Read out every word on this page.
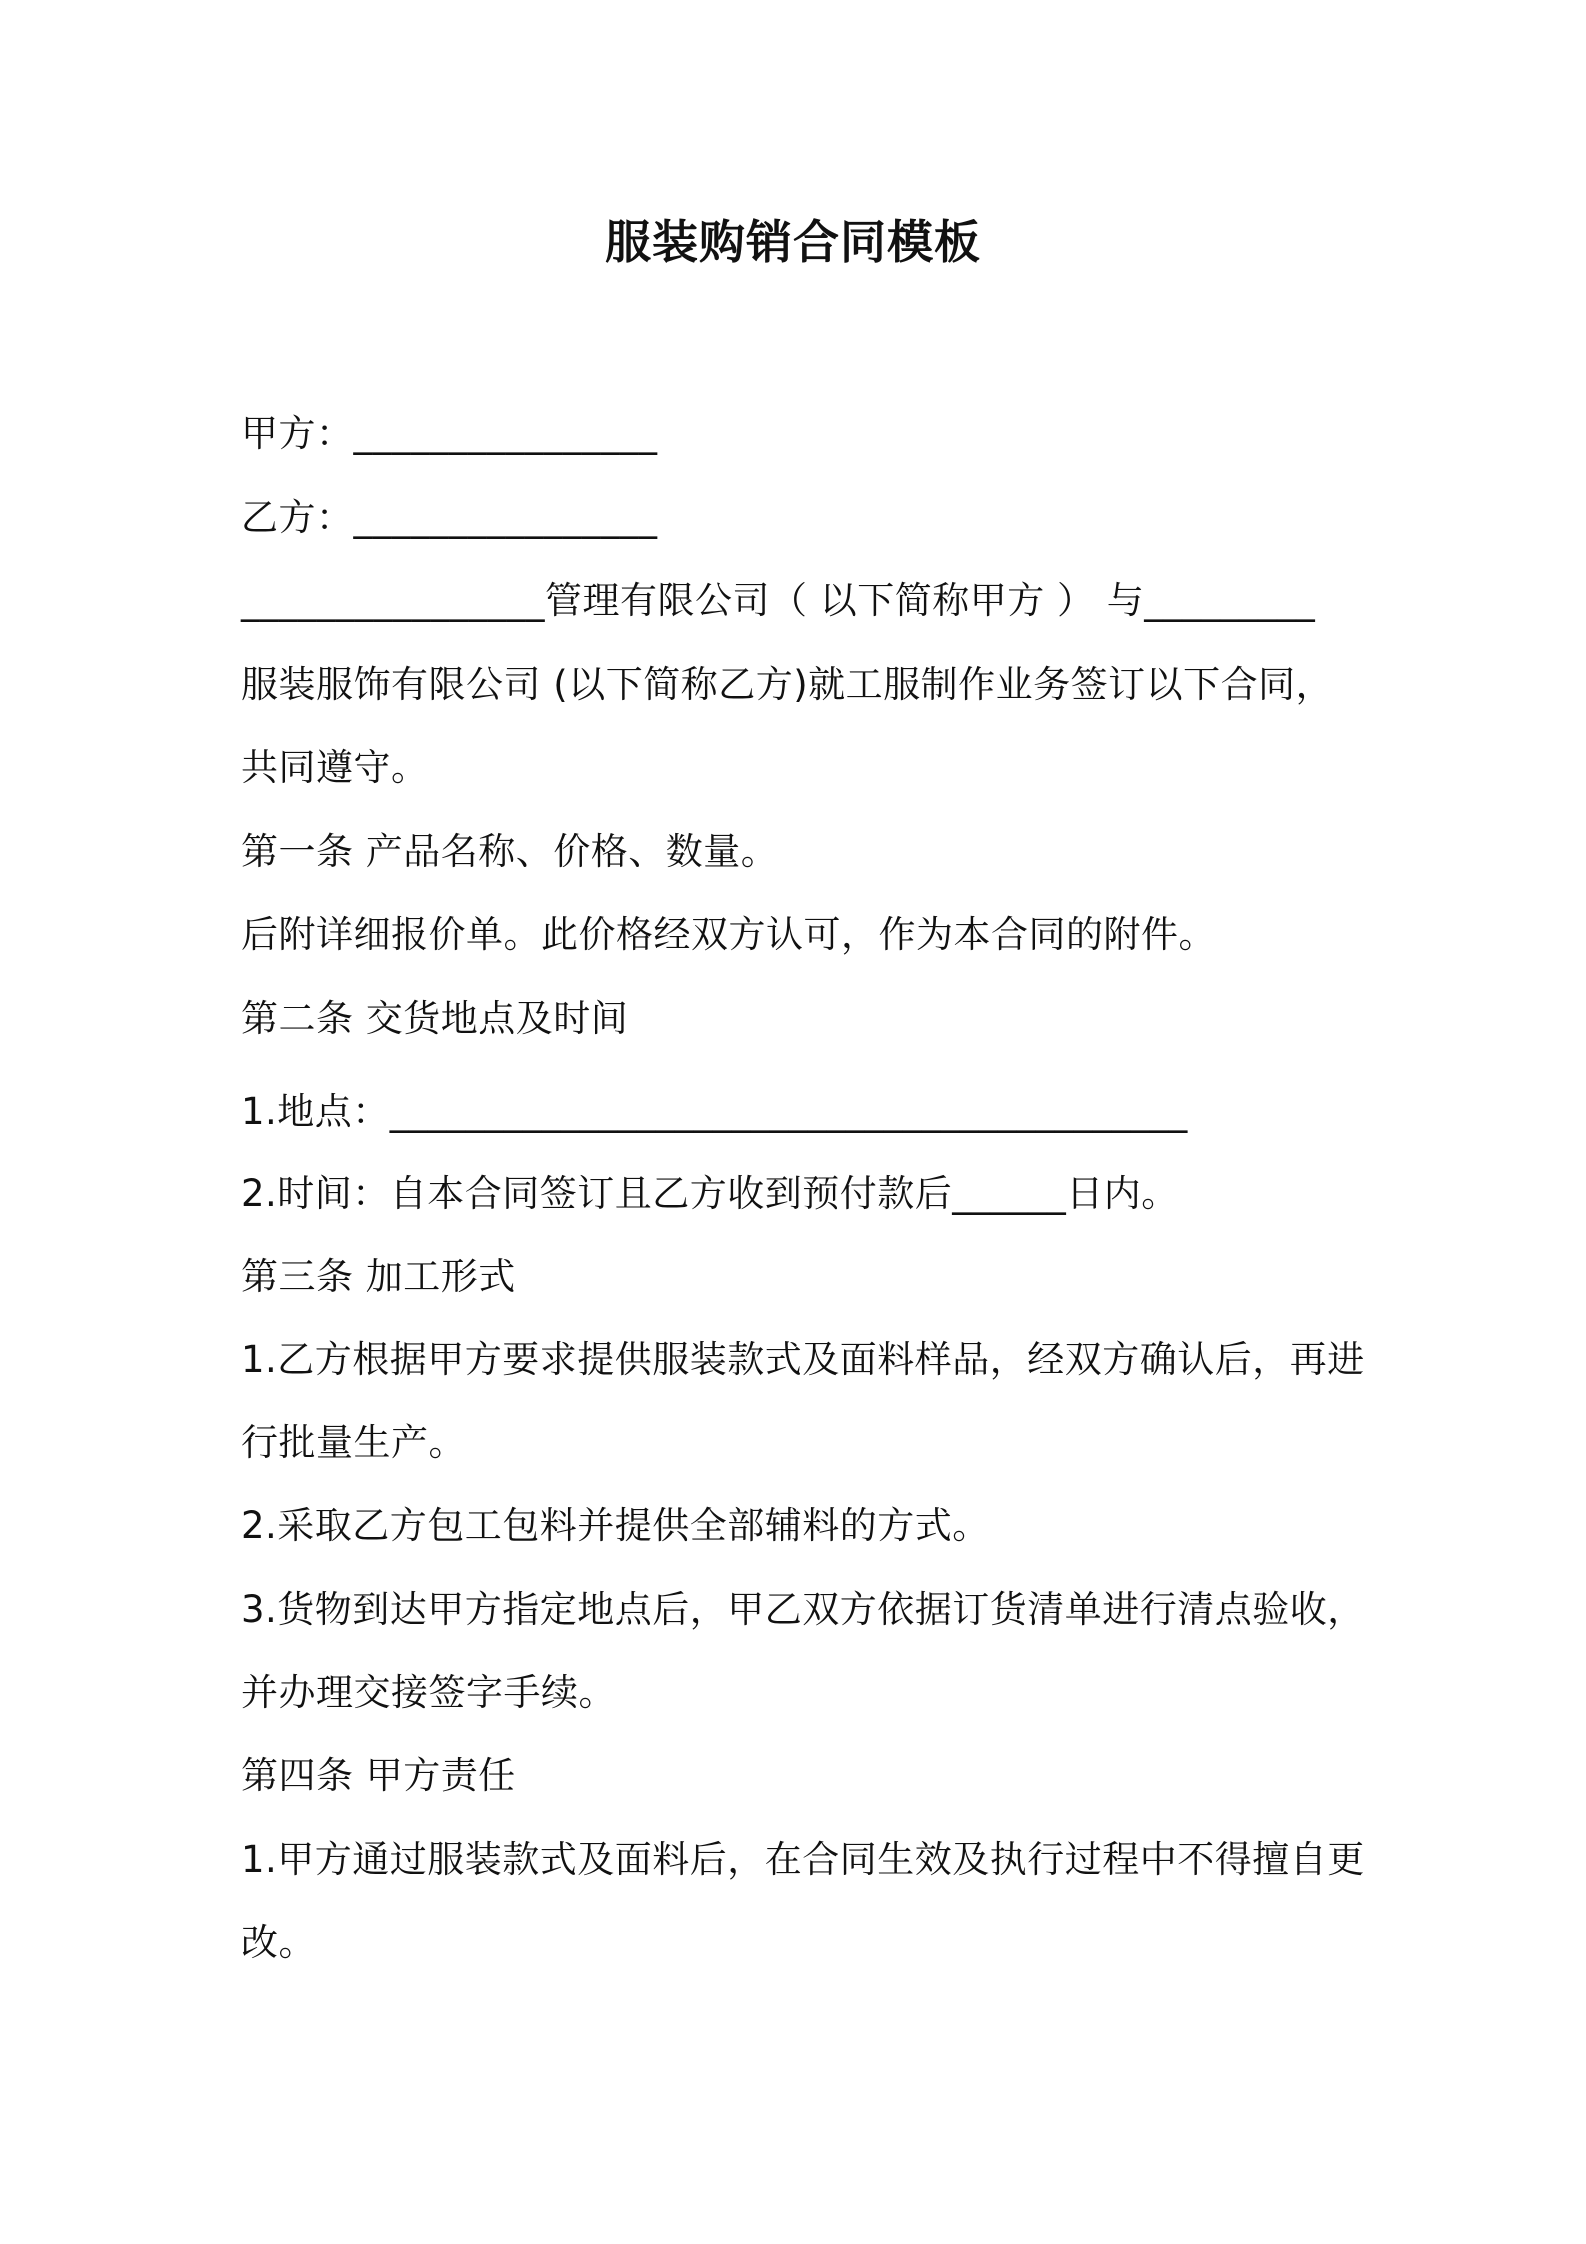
服装购销合同模板
甲方：________________
乙方：________________
________________管理有限公司（ 以下简称甲方 ） 与_________
服装服饰有限公司 (以下简称乙方)就工服制作业务签订以下合同，
共同遵守。
第一条 产品名称、价格、数量。
后附详细报价单。此价格经双方认可，作为本合同的附件。
第二条 交货地点及时间
1.地点：__________________________________________
2.时间：自本合同签订且乙方收到预付款后______日内。
第三条 加工形式
1.乙方根据甲方要求提供服装款式及面料样品，经双方确认后，再进
行批量生产。
2.采取乙方包工包料并提供全部辅料的方式。
3.货物到达甲方指定地点后，甲乙双方依据订货清单进行清点验收，
并办理交接签字手续。
第四条 甲方责任
1.甲方通过服装款式及面料后，在合同生效及执行过程中不得擅自更
改。
